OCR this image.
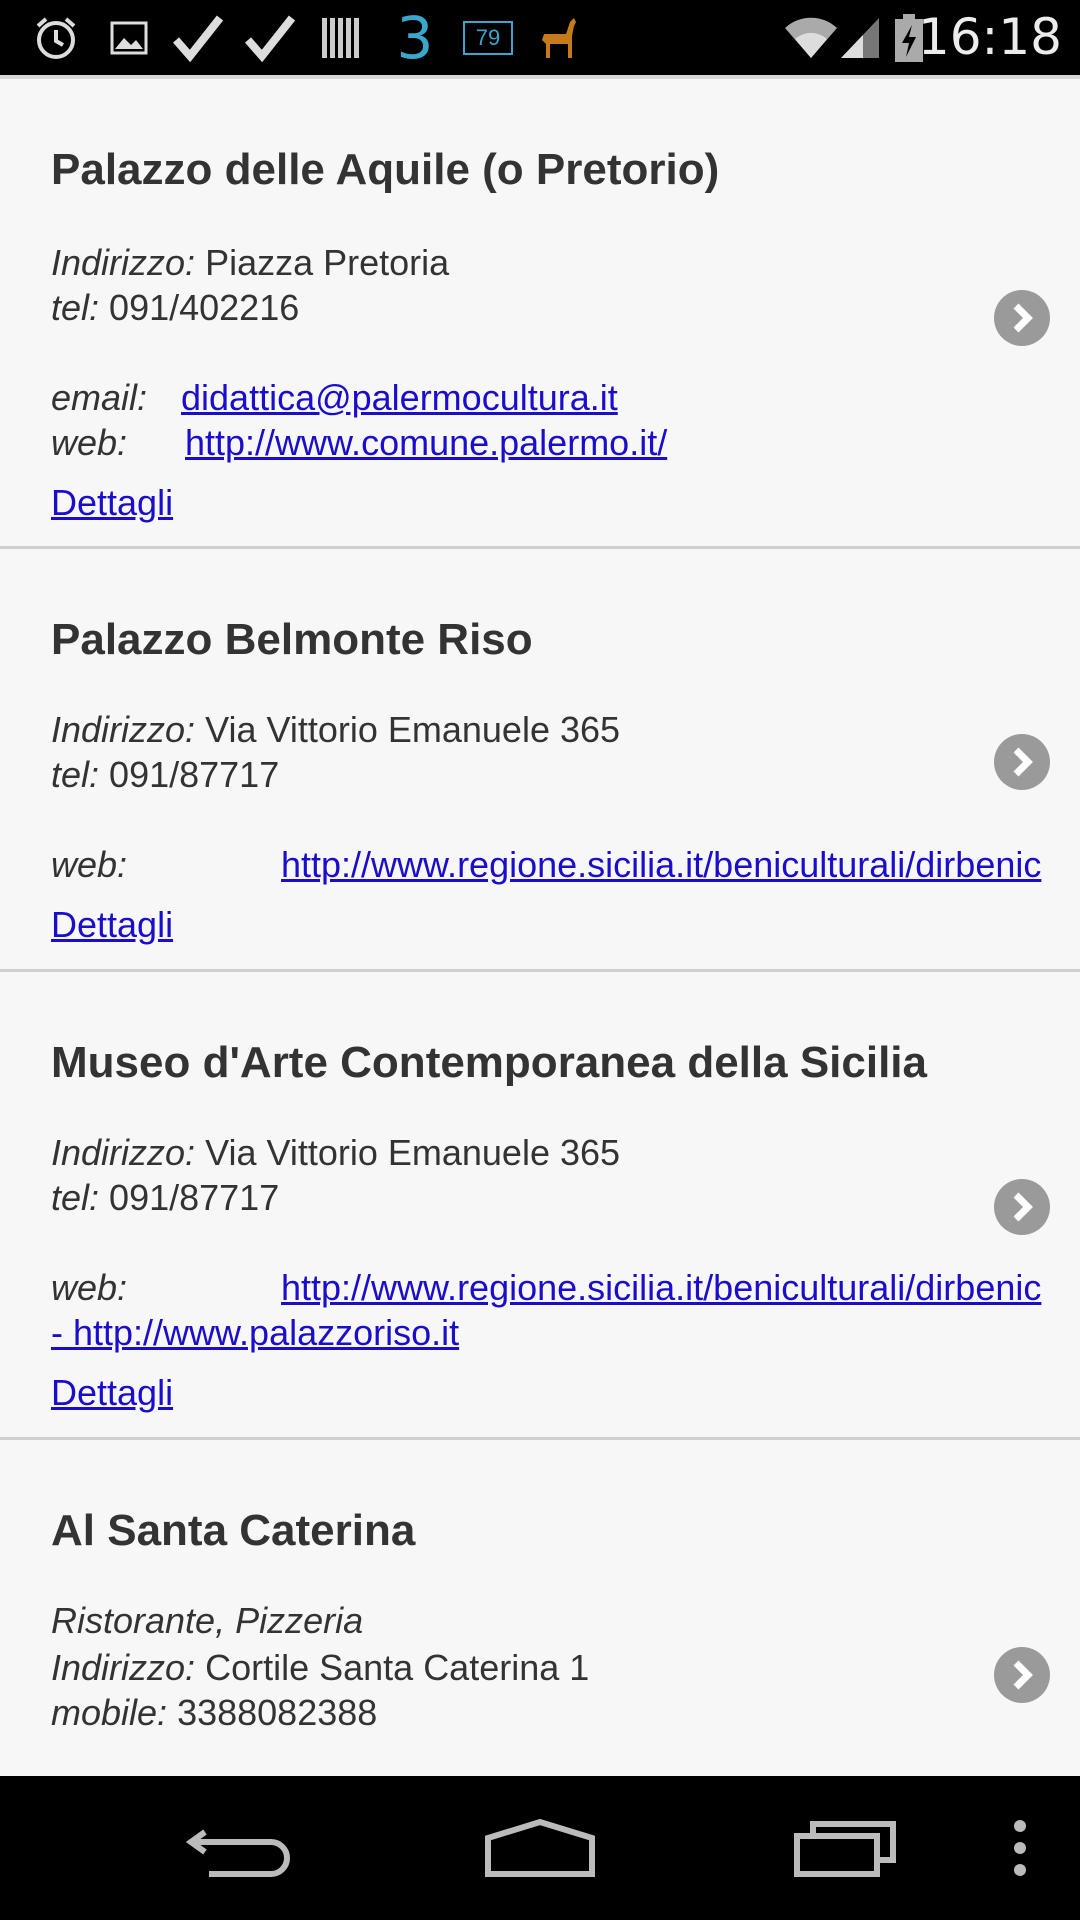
3	79	16:18
Palazzo delle Aquile (o Pretorio)
Indirizzo: Piazza Pretoria
tel: 091/402216
email: didattica@palermocultura.it
web: http://www.comune.palermo.it/
Dettagli
Palazzo Belmonte Riso
Indirizzo: Via Vittorio Emanuele 365
tel: 091/87717
web:	http://www.regione.sicilia.it/beniculturali/dirbenic
Dettagli
Museo d'Arte Contemporanea della Sicilia
Indirizzo: Via Vittorio Emanuele 365
tel: 091/87717
web:	http://www.regione.sicilia.it/beniculturali/dirbenic
- http://www.palazzoriso.it
Dettagli
Al Santa Caterina
Ristorante, Pizzeria
Indirizzo: Cortile Santa Caterina 1
mobile: 3388082388
